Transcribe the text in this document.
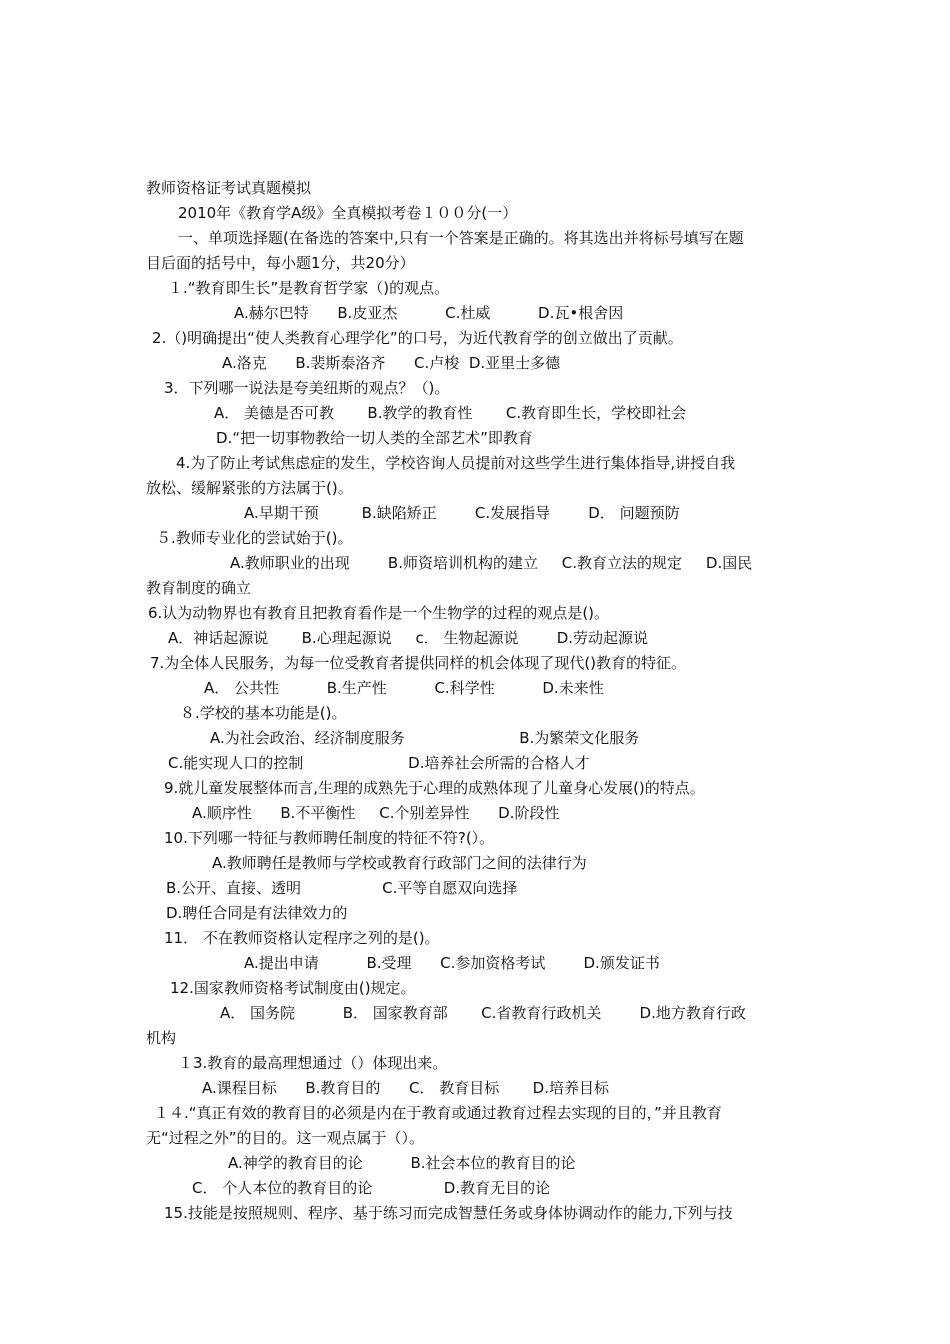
教师资格证考试真题模拟
2010年《教育学A级》全真模拟考卷１００分(一）
一、单项选择题(在备选的答案中,只有一个答案是正确的。将其选出并将标号填写在题
目后面的括号中，每小题1分，共20分）
１.“教育即生长”是教育哲学家（)的观点。
A.赫尔巴特      B.皮亚杰          C.杜威          D.瓦•根舍因
2.（)明确提出“使人类教育心理学化”的口号，为近代教育学的创立做出了贡献。
A.洛克      B.裴斯泰洛齐      C.卢梭  D.亚里士多德
3．下列哪一说法是夸美纽斯的观点？（)。
A． 美德是否可教       B.教学的教育性       C.教育即生长，学校即社会
D.“把一切事物教给一切人类的全部艺术”即教育
4.为了防止考试焦虑症的发生，学校咨询人员提前对这些学生进行集体指导,讲授自我
放松、缓解紧张的方法属于()。
A.早期干预         B.缺陷矫正        C.发展指导        D． 问题预防
５.教师专业化的尝试始于()。
A.教师职业的出现        B.师资培训机构的建立     C.教育立法的规定     D.国民
教育制度的确立
6.认为动物界也有教育且把教育看作是一个生物学的过程的观点是()。
A．神话起源说       B.心理起源说     c． 生物起源说        D.劳动起源说
7.为全体人民服务，为每一位受教育者提供同样的机会体现了现代()教育的特征。
A． 公共性          B.生产性          C.科学性          D.未来性
８.学校的基本功能是()。
A.为社会政治、经济制度服务                        B.为繁荣文化服务
C.能实现人口的控制                      D.培养社会所需的合格人才
9.就儿童发展整体而言,生理的成熟先于心理的成熟体现了儿童身心发展()的特点。
A.顺序性      B.不平衡性     C.个别差异性      D.阶段性
10.下列哪一特征与教师聘任制度的特征不符?(）。
A.教师聘任是教师与学校或教育行政部门之间的法律行为
B.公开、直接、透明                 C.平等自愿双向选择
D.聘任合同是有法律效力的
11． 不在教师资格认定程序之列的是()。
A.提出申请          B.受理      C.参加资格考试        D.颁发证书
12.国家教师资格考试制度由()规定。
A． 国务院          B． 国家教育部       C.省教育行政机关        D.地方教育行政
机构
１3.教育的最高理想通过（）体现出来。
A.课程目标      B.教育目的      C． 教育目标       D.培养目标
１４.“真正有效的教育目的必须是内在于教育或通过教育过程去实现的目的，”并且教育
无“过程之外”的目的。这一观点属于（）。
A.神学的教育目的论          B.社会本位的教育目的论
C． 个人本位的教育目的论               D.教育无目的论
15.技能是按照规则、程序、基于练习而完成智慧任务或身体协调动作的能力,下列与技
